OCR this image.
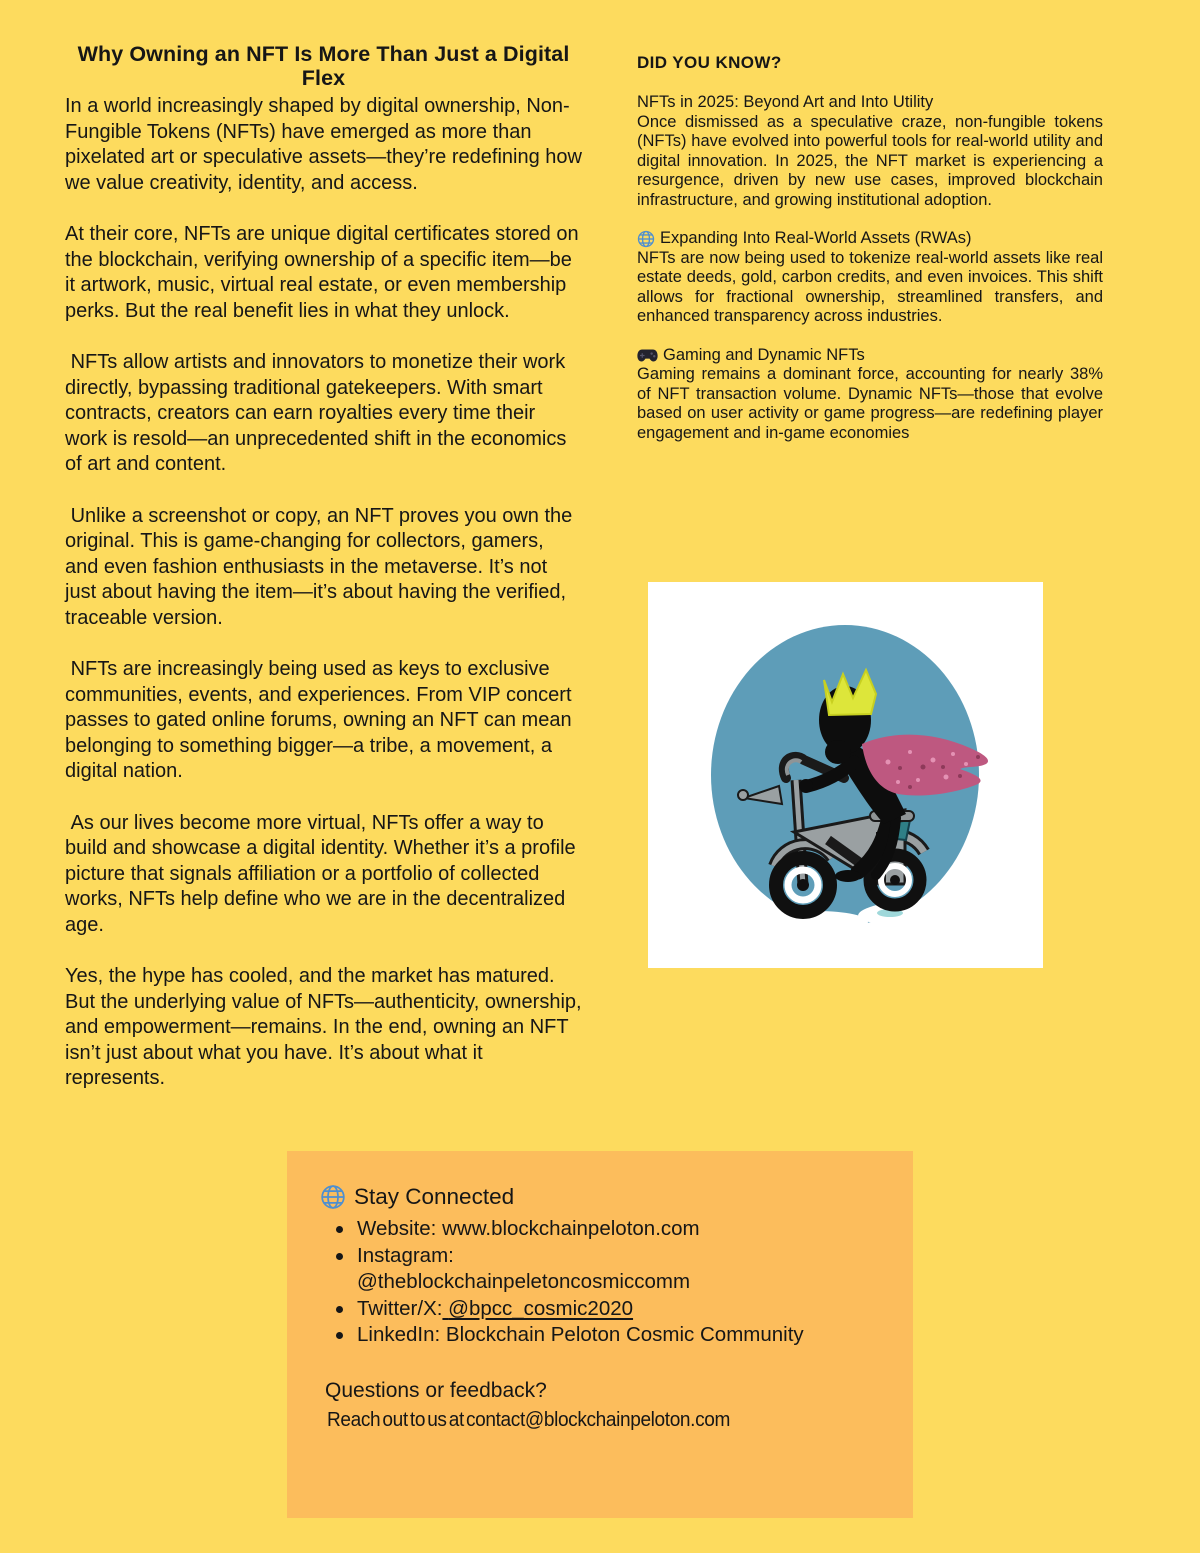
Why Owning an NFT Is More Than Just a Digital Flex

In a world increasingly shaped by digital ownership, Non-Fungible Tokens (NFTs) have emerged as more than pixelated art or speculative assets—they’re redefining how we value creativity, identity, and access.

At their core, NFTs are unique digital certificates stored on the blockchain, verifying ownership of a specific item—be it artwork, music, virtual real estate, or even membership perks. But the real benefit lies in what they unlock.

NFTs allow artists and innovators to monetize their work directly, bypassing traditional gatekeepers. With smart contracts, creators can earn royalties every time their work is resold—an unprecedented shift in the economics of art and content.

Unlike a screenshot or copy, an NFT proves you own the original. This is game-changing for collectors, gamers, and even fashion enthusiasts in the metaverse. It’s not just about having the item—it’s about having the verified, traceable version.

NFTs are increasingly being used as keys to exclusive communities, events, and experiences. From VIP concert passes to gated online forums, owning an NFT can mean belonging to something bigger—a tribe, a movement, a digital nation.

As our lives become more virtual, NFTs offer a way to build and showcase a digital identity. Whether it’s a profile picture that signals affiliation or a portfolio of collected works, NFTs help define who we are in the decentralized age.

Yes, the hype has cooled, and the market has matured. But the underlying value of NFTs—authenticity, ownership, and empowerment—remains. In the end, owning an NFT isn’t just about what you have. It’s about what it represents.

DID YOU KNOW?
NFTs in 2025: Beyond Art and Into Utility

Once dismissed as a speculative craze, non-fungible tokens (NFTs) have evolved into powerful tools for real-world utility and digital innovation. In 2025, the NFT market is experiencing a resurgence, driven by new use cases, improved blockchain infrastructure, and growing institutional adoption.

Expanding Into Real-World Assets (RWAs)

NFTs are now being used to tokenize real-world assets like real estate deeds, gold, carbon credits, and even invoices. This shift allows for fractional ownership, streamlined transfers, and enhanced transparency across industries.

Gaming and Dynamic NFTs

Gaming remains a dominant force, accounting for nearly 38% of NFT transaction volume. Dynamic NFTs—those that evolve based on user activity or game progress—are redefining player engagement and in-game economies

Stay Connected
Website: www.blockchainpeloton.com
Instagram:
@theblockchainpeletoncosmiccomm
Twitter/X: @bpcc_cosmic2020
LinkedIn: Blockchain Peloton Cosmic Community
Questions or feedback?
Reach out to us at contact@blockchainpeloton.com
